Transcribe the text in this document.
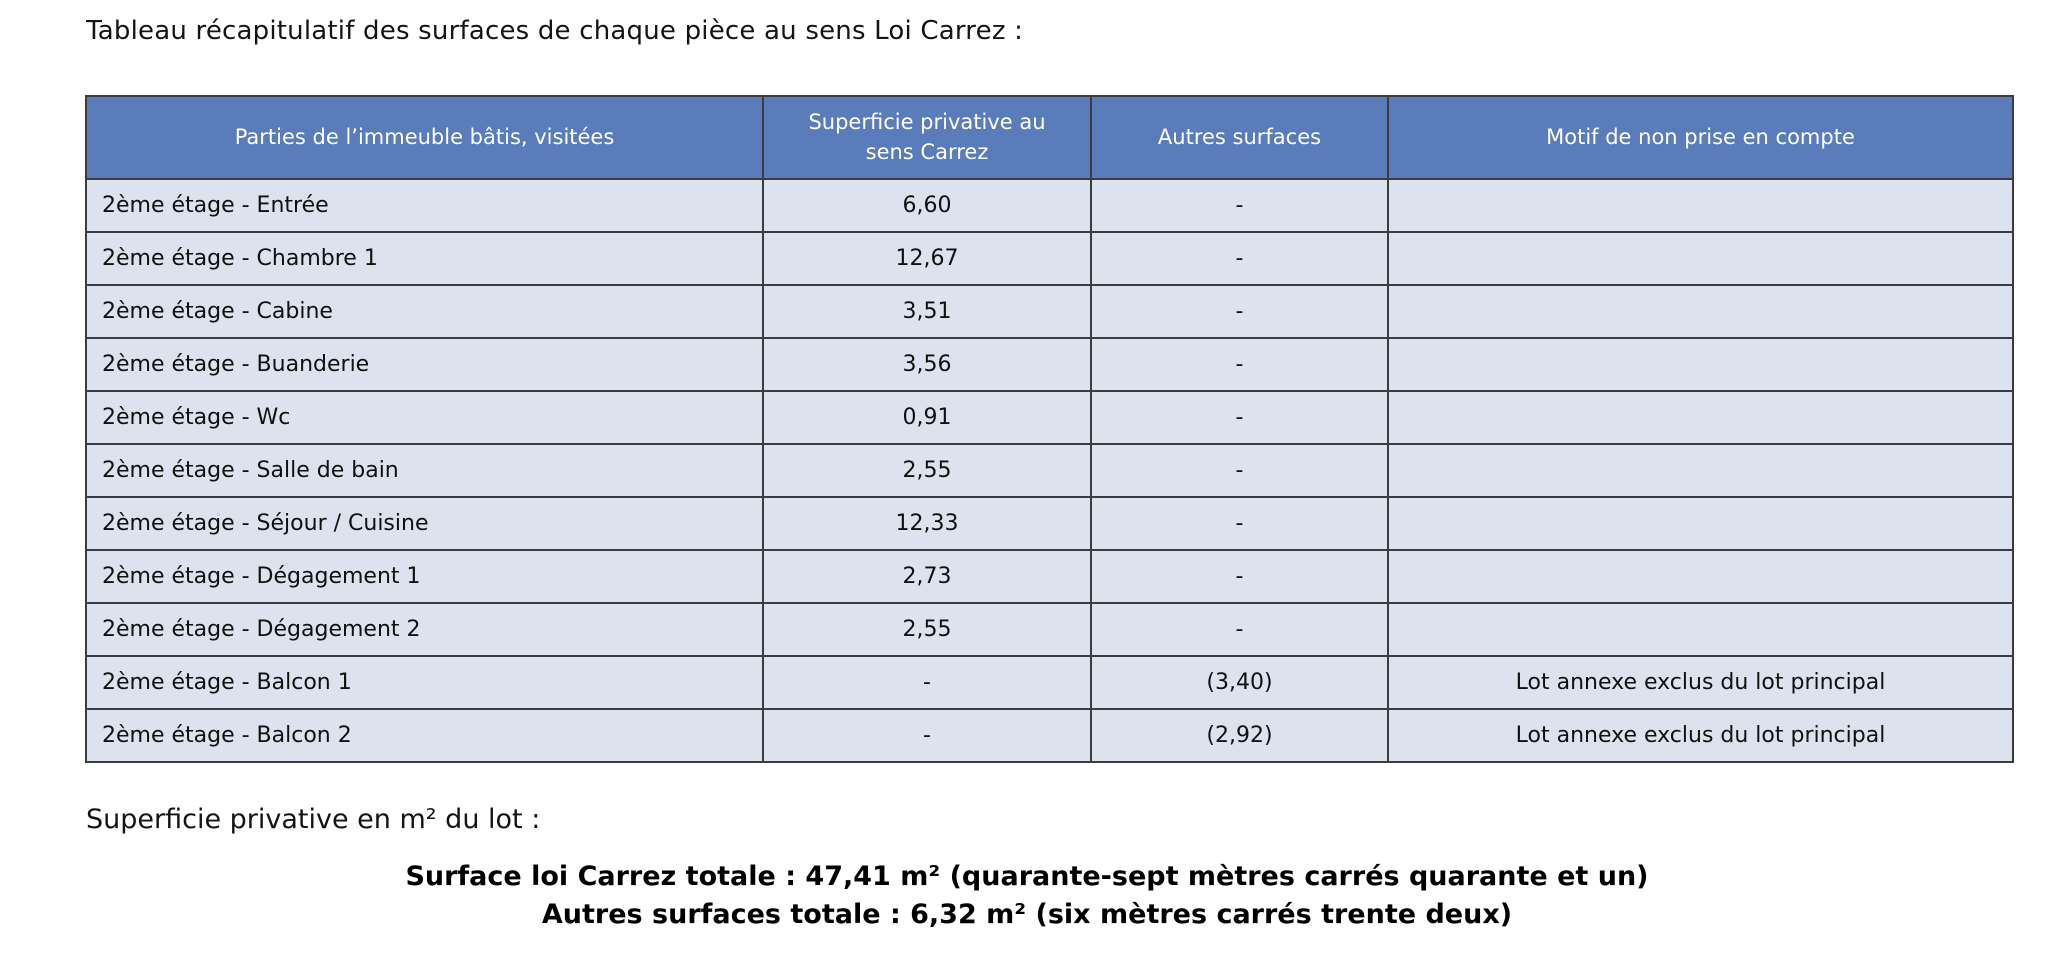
Tableau récapitulatif des surfaces de chaque pièce au sens Loi Carrez :
Parties de l’immeuble bâtis, visitées	Superficie privative au sens Carrez	Autres surfaces	Motif de non prise en compte
2ème étage - Entrée	6,60	-	
2ème étage - Chambre 1	12,67	-	
2ème étage - Cabine	3,51	-	
2ème étage - Buanderie	3,56	-	
2ème étage - Wc	0,91	-	
2ème étage - Salle de bain	2,55	-	
2ème étage - Séjour / Cuisine	12,33	-	
2ème étage - Dégagement 1	2,73	-	
2ème étage - Dégagement 2	2,55	-	
2ème étage - Balcon 1	-	(3,40)	Lot annexe exclus du lot principal
2ème étage - Balcon 2	-	(2,92)	Lot annexe exclus du lot principal
Superficie privative en m² du lot :
Surface loi Carrez totale : 47,41 m² (quarante-sept mètres carrés quarante et un)
Autres surfaces totale : 6,32 m² (six mètres carrés trente deux)
